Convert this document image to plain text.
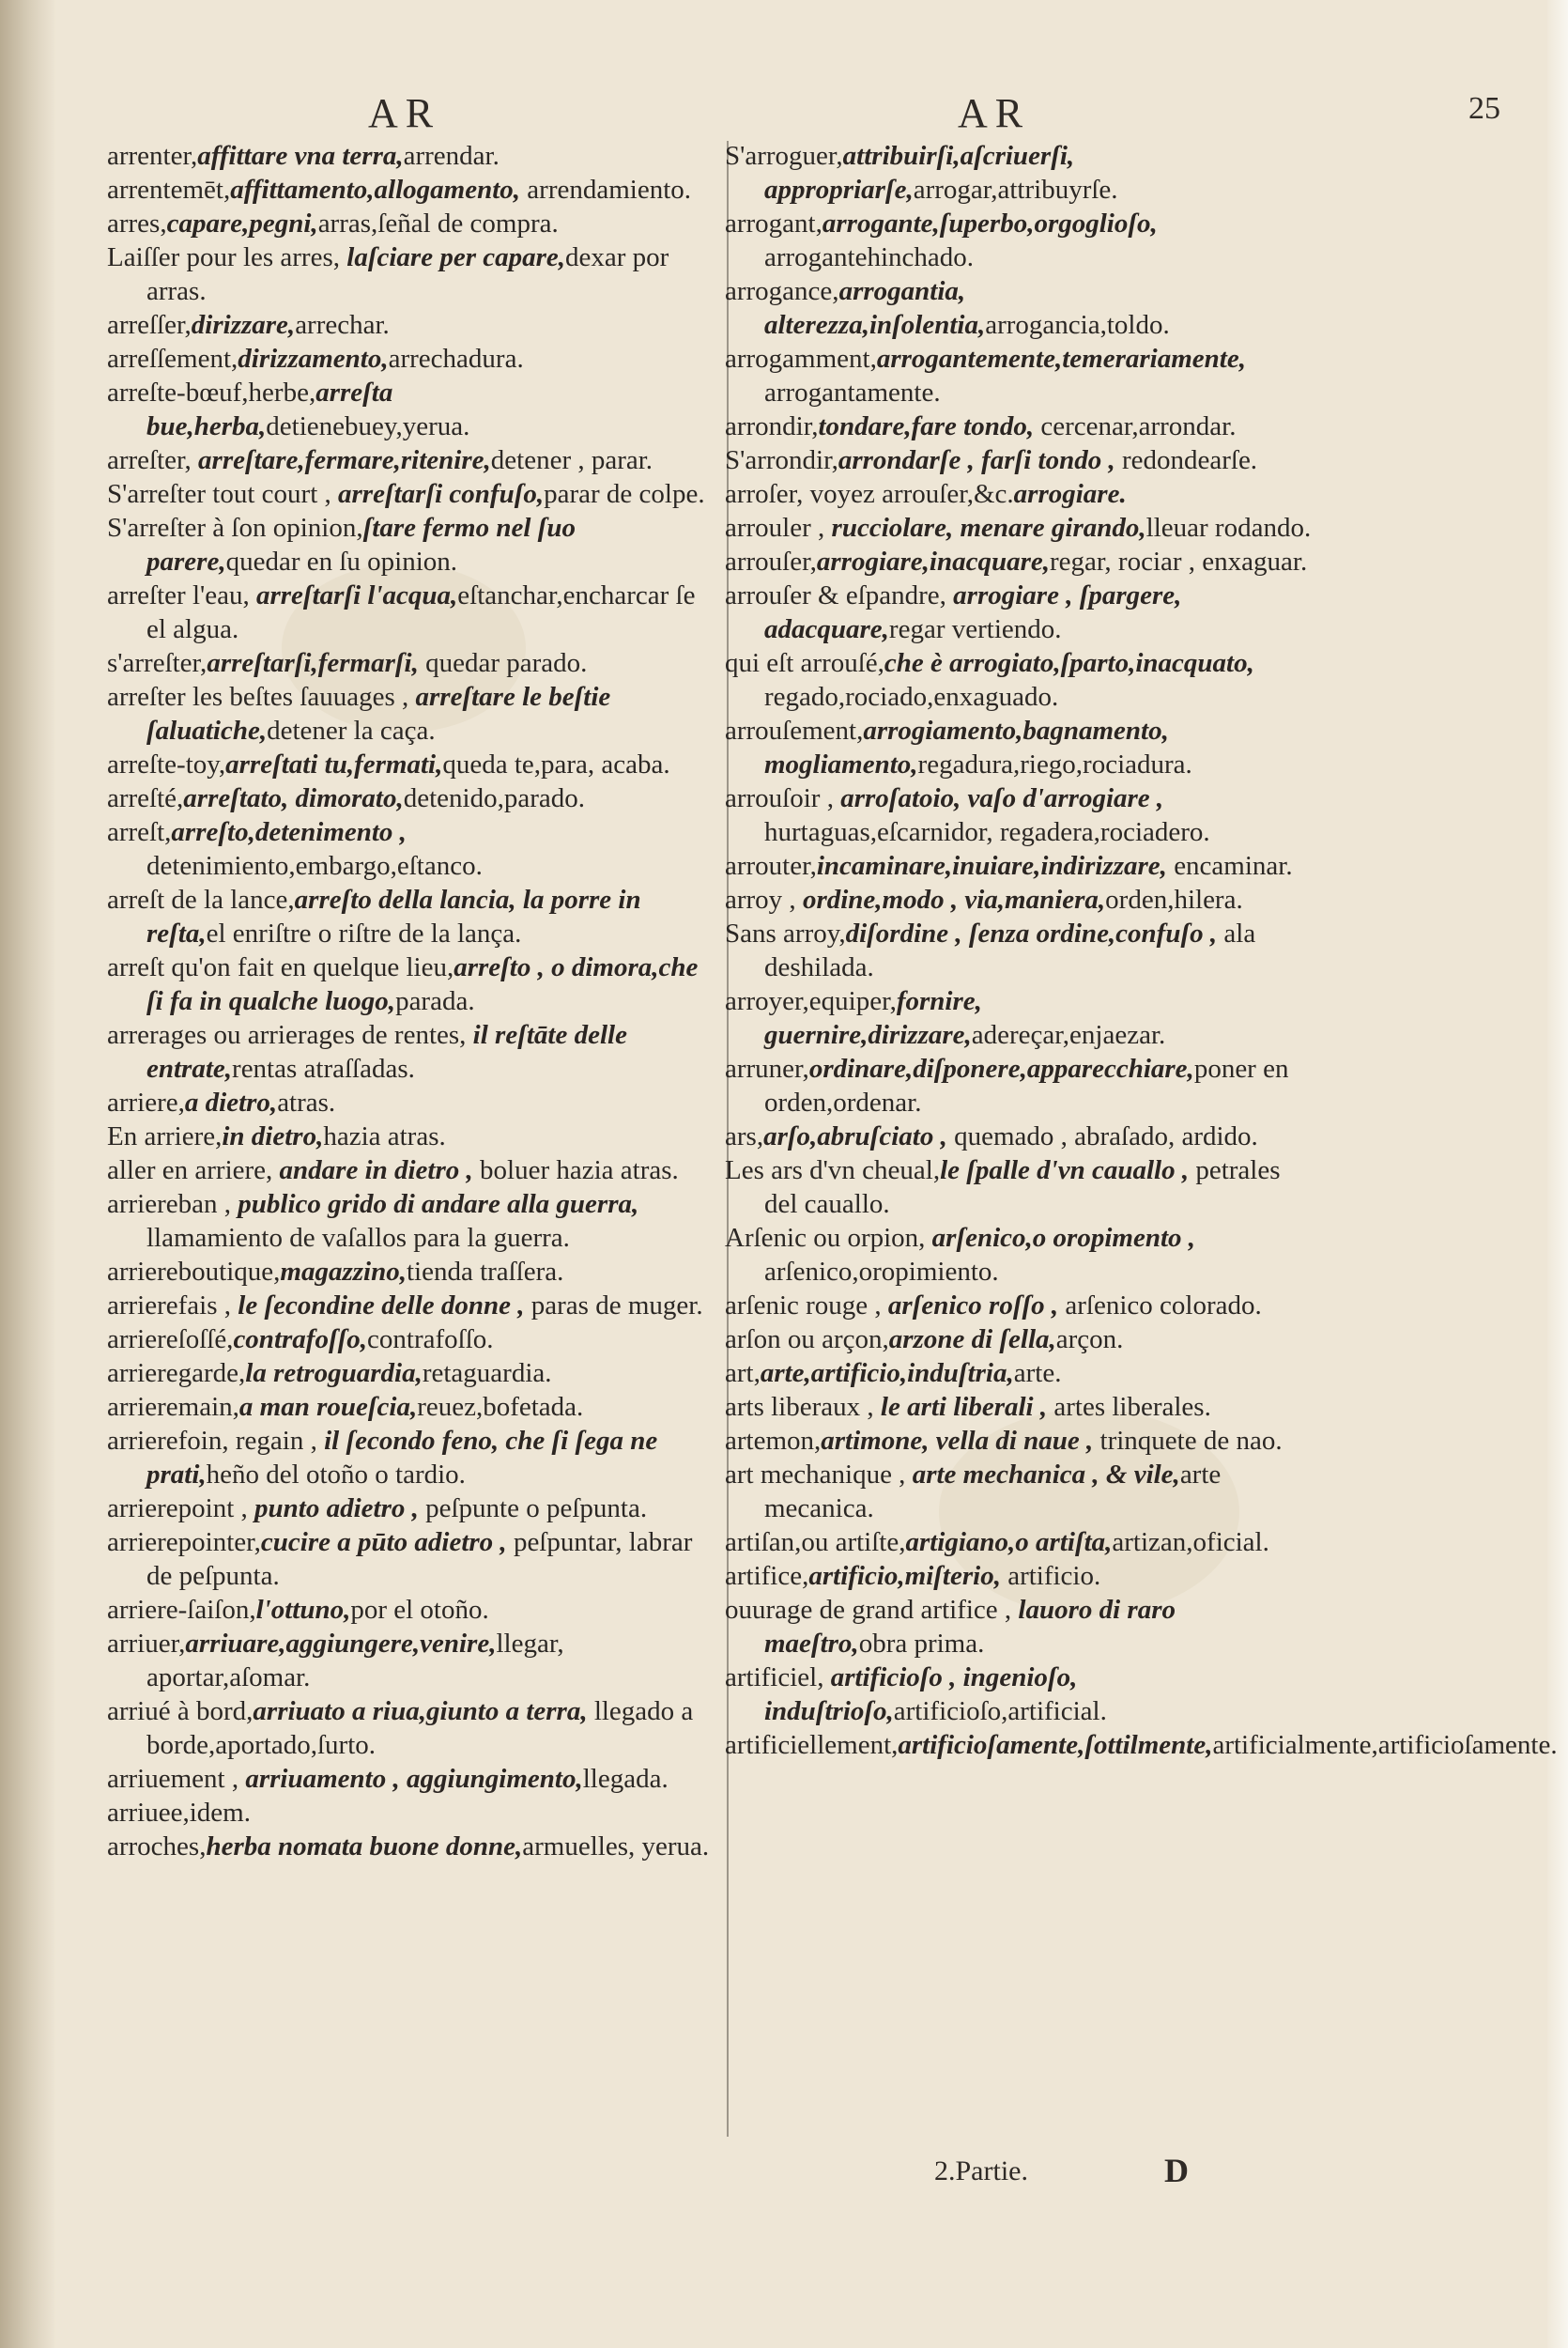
AR	AR	25

arrenter,affittare vna terra,arrendar.

arrentemēt,affittamento,allogamento, arrendamiento.

arres,capare,pegni,arras,ſeñal de compra.

Laiſſer pour les arres, laſciare per capare,dexar por arras.

arreſſer,dirizzare,arrechar.

arreſſement,dirizzamento,arrechadura.

arreſte-bœuf,herbe,arreſta bue,herba,detienebuey,yerua.

arreſter, arreſtare,fermare,ritenire,detener , parar.

S'arreſter tout court , arreſtarſi confuſo,parar de colpe.

S'arreſter à ſon opinion,ſtare fermo nel ſuo parere,quedar en ſu opinion.

arreſter l'eau, arreſtarſi l'acqua,eſtanchar,encharcar ſe el algua.

s'arreſter,arreſtarſi,fermarſi, quedar parado.

arreſter les beſtes ſauuages , arreſtare le beſtie ſaluatiche,detener la caça.

arreſte-toy,arreſtati tu,fermati,queda te,para, acaba.

arreſté,arreſtato, dimorato,detenido,parado.

arreſt,arreſto,detenimento , detenimiento,embargo,eſtanco.

arreſt de la lance,arreſto della lancia, la porre in reſta,el enriſtre o riſtre de la lança.

arreſt qu'on fait en quelque lieu,arreſto , o dimora,che ſi fa in qualche luogo,parada.

arrerages ou arrierages de rentes, il reſtāte delle entrate,rentas atraſſadas.

arriere,a dietro,atras.

En arriere,in dietro,hazia atras.

aller en arriere, andare in dietro , boluer hazia atras.

arriereban , publico grido di andare alla guerra, llamamiento de vaſallos para la guerra.

arriereboutique,magazzino,tienda traſſera.

arrierefais , le ſecondine delle donne , paras de muger.

arriereſoſſé,contrafoſſo,contrafoſſo.

arrieregarde,la retroguardia,retaguardia.

arrieremain,a man roueſcia,reuez,bofetada.

arrierefoin, regain , il ſecondo feno, che ſi ſega ne prati,heño del otoño o tardio.

arrierepoint , punto adietro , peſpunte o peſpunta.

arrierepointer,cucire a pūto adietro , peſpuntar, labrar de peſpunta.

arriere-ſaiſon,l'ottuno,por el otoño.

arriuer,arriuare,aggiungere,venire,llegar, aportar,aſomar.

arriué à bord,arriuato a riua,giunto a terra, llegado a borde,aportado,ſurto.

arriuement , arriuamento , aggiungimento,llegada.

arriuee,idem.

arroches,herba nomata buone donne,armuelles, yerua.

S'arroguer,attribuirſi,aſcriuerſi, appropriarſe,arrogar,attribuyrſe.

arrogant,arrogante,ſuperbo,orgoglioſo, arrogantehinchado.

arrogance,arrogantia, alterezza,inſolentia,arrogancia,toldo.

arrogamment,arrogantemente,temerariamente, arrogantamente.

arrondir,tondare,fare tondo, cercenar,arrondar.

S'arrondir,arrondarſe , farſi tondo , redondearſe.

arroſer, voyez arrouſer,&c.arrogiare.

arrouler , rucciolare, menare girando,lleuar rodando.

arrouſer,arrogiare,inacquare,regar, rociar , enxaguar.

arrouſer & eſpandre, arrogiare , ſpargere, adacquare,regar vertiendo.

qui eſt arrouſé,che è arrogiato,ſparto,inacquato, regado,rociado,enxaguado.

arrouſement,arrogiamento,bagnamento, mogliamento,regadura,riego,rociadura.

arrouſoir , arroſatoio, vaſo d'arrogiare , hurtaguas,eſcarnidor, regadera,rociadero.

arrouter,incaminare,inuiare,indirizzare, encaminar.

arroy , ordine,modo , via,maniera,orden,hilera.

Sans arroy,diſordine , ſenza ordine,confuſo , ala deshilada.

arroyer,equiper,fornire, guernire,dirizzare,adereçar,enjaezar.

arruner,ordinare,diſponere,apparecchiare,poner en orden,ordenar.

ars,arſo,abruſciato , quemado , abraſado, ardido.

Les ars d'vn cheual,le ſpalle d'vn cauallo , petrales del cauallo.

Arſenic ou orpion, arſenico,o oropimento , arſenico,oropimiento.

arſenic rouge , arſenico roſſo , arſenico colorado.

arſon ou arçon,arzone di ſella,arçon.

art,arte,artificio,induſtria,arte.

arts liberaux , le arti liberali , artes liberales.

artemon,artimone, vella di naue , trinquete de nao.

art mechanique , arte mechanica , & vile,arte mecanica.

artiſan,ou artiſte,artigiano,o artiſta,artizan,oficial.

artifice,artificio,miſterio, artificio.

ouurage de grand artifice , lauoro di raro maeſtro,obra prima.

artificiel, artificioſo , ingenioſo, induſtrioſo,artificioſo,artificial.

artificiellement,artificioſamente,ſottilmente,artificialmente,artificioſamente.

2.Partie.	D
